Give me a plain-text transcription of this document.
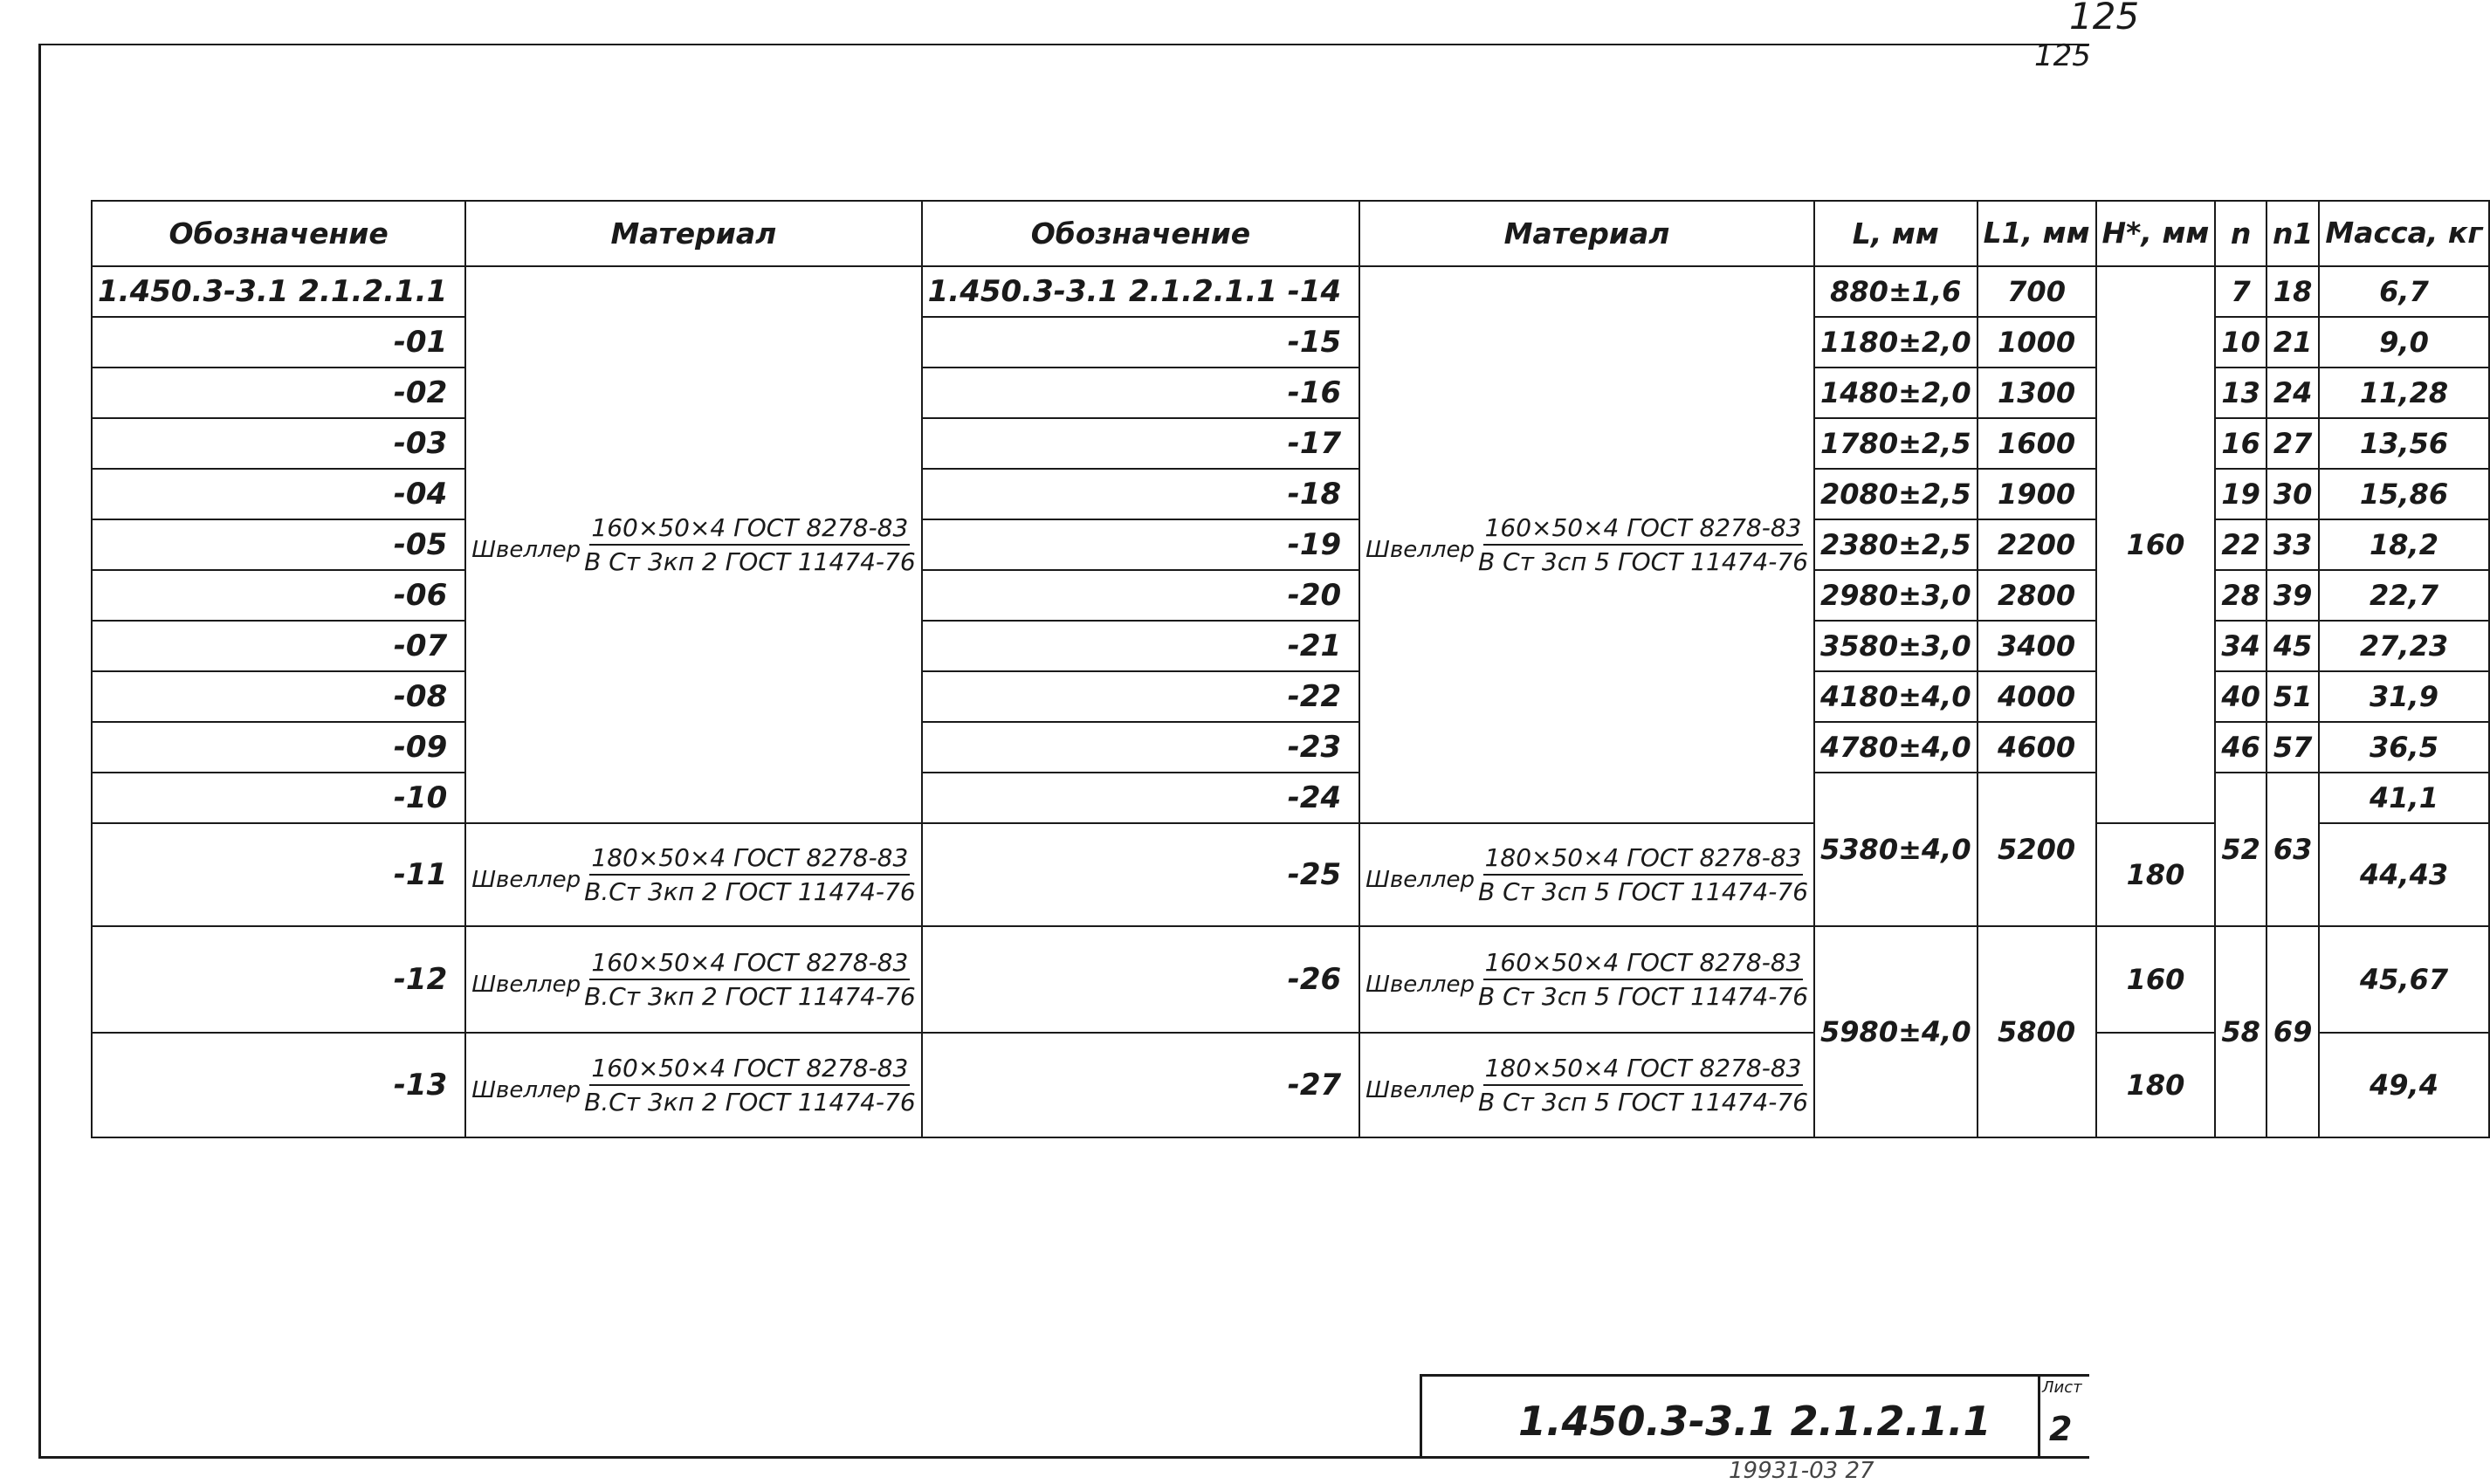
125
125
Обозначение	Материал	Обозначение	Материал	L, мм	L1, мм	H*, мм	n	n1	Масса, кг
1.450.3-3.1 2.1.2.1.1	Швеллер
160×50×4 ГОСТ 8278-83
В Ст 3кп 2 ГОСТ 11474-76	1.450.3-3.1 2.1.2.1.1 -14	Швеллер
160×50×4 ГОСТ 8278-83
В Ст 3сп 5 ГОСТ 11474-76	880±1,6	700	160	7	18	6,7
-01		-15		1180±2,0	1000		10	21	9,0
-02		-16		1480±2,0	1300		13	24	11,28
-03		-17		1780±2,5	1600		16	27	13,56
-04		-18		2080±2,5	1900		19	30	15,86
-05		-19		2380±2,5	2200		22	33	18,2
-06		-20		2980±3,0	2800		28	39	22,7
-07		-21		3580±3,0	3400		34	45	27,23
-08		-22		4180±4,0	4000		40	51	31,9
-09		-23		4780±4,0	4600		46	57	36,5
-10		-24		5380±4,0	5200		52	63	41,1
-11	Швеллер
180×50×4 ГОСТ 8278-83
В.Ст 3кп 2 ГОСТ 11474-76	-25	Швеллер
180×50×4 ГОСТ 8278-83
В Ст 3сп 5 ГОСТ 11474-76			180			44,43
-12	Швеллер
160×50×4 ГОСТ 8278-83
В.Ст 3кп 2 ГОСТ 11474-76	-26	Швеллер
160×50×4 ГОСТ 8278-83
В Ст 3сп 5 ГОСТ 11474-76	5980±4,0	5800	160	58	69	45,67
-13	Швеллер
160×50×4 ГОСТ 8278-83
В.Ст 3кп 2 ГОСТ 11474-76	-27	Швеллер
180×50×4 ГОСТ 8278-83
В Ст 3сп 5 ГОСТ 11474-76			180			49,4
1.450.3-3.1 2.1.2.1.1
Лист
2
19931-03 27
